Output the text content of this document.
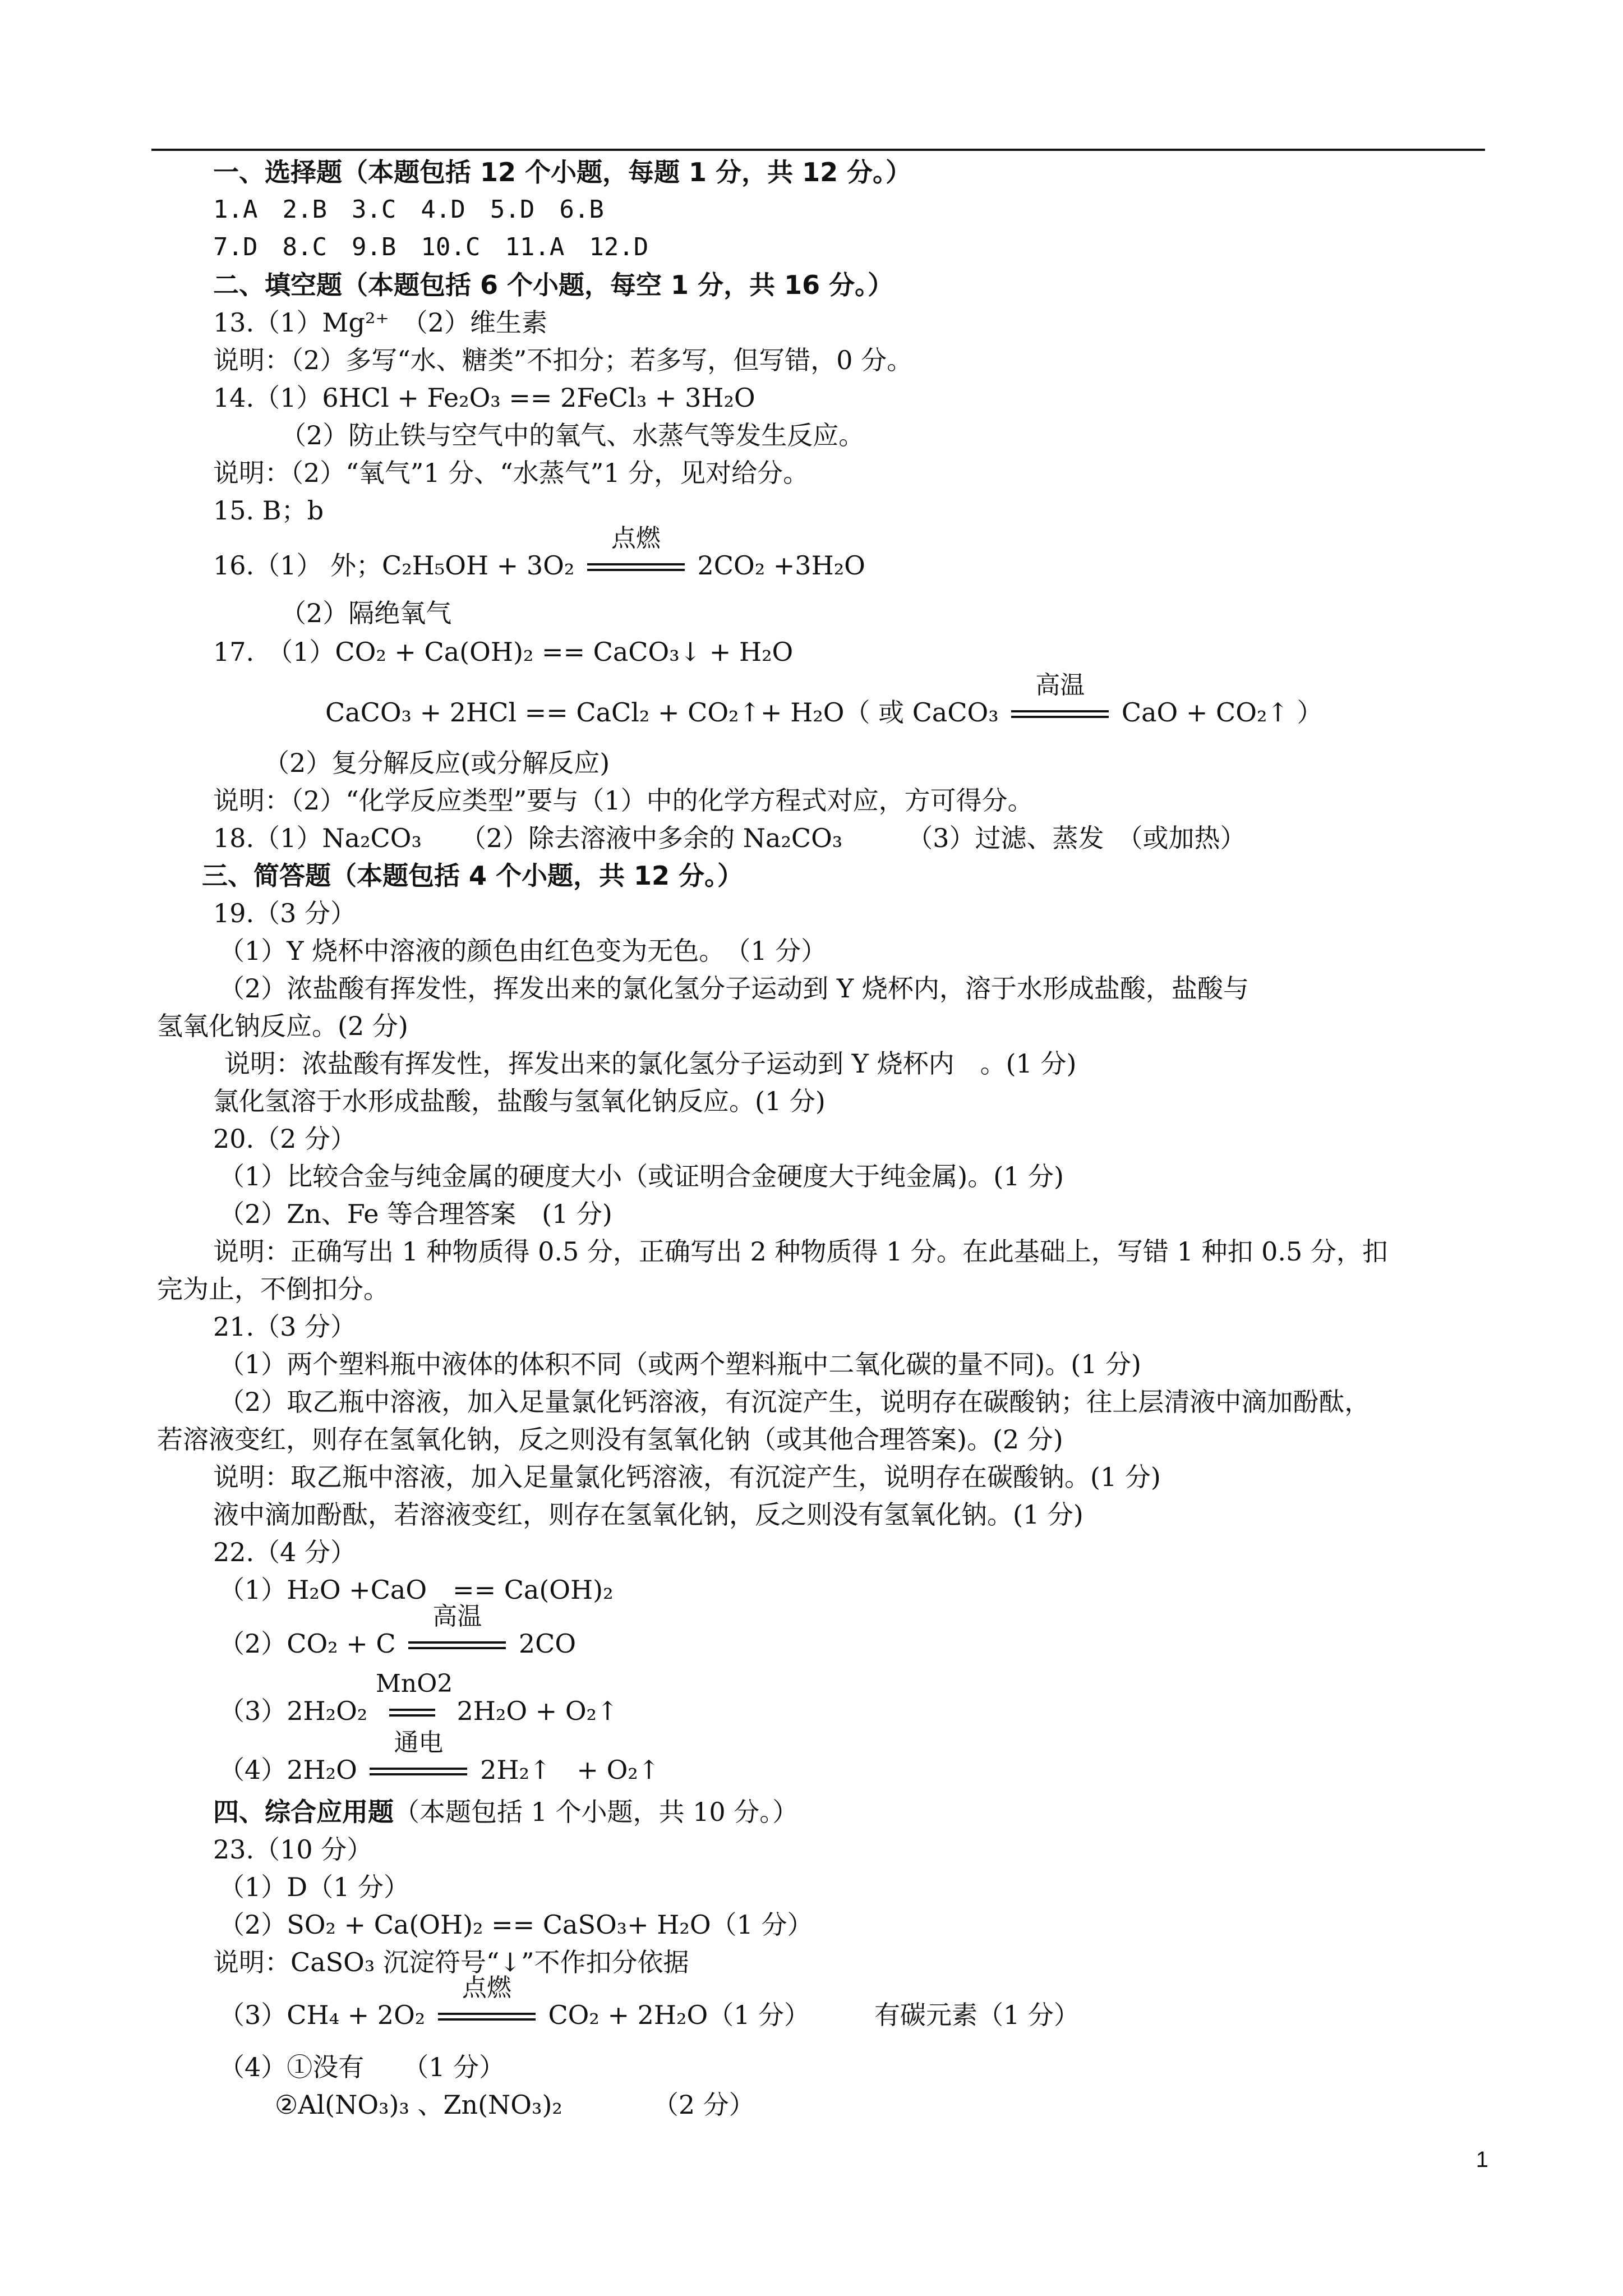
一、选择题（本题包括 12 个小题，每题 1 分，共 12 分。）
1.A　2.B　3.C　4.D　5.D　6.B
7.D　8.C　9.B　10.C　11.A　12.D
二、填空题（本题包括 6 个小题，每空 1 分，共 16 分。）
13.（1）Mg²⁺　（2）维生素
说明：（2）多写“水、糖类”不扣分；若多写，但写错，0 分。
14.（1）6HCl + Fe₂O₃ == 2FeCl₃ + 3H₂O
（2）防止铁与空气中的氧气、水蒸气等发生反应。
说明：（2）“氧气”1 分、“水蒸气”1 分，见对给分。
15. B；b
16.（1） 外；C₂H₅OH + 3O₂
点燃
2CO₂ +3H₂O
（2）隔绝氧气
17.　（1）CO₂ + Ca(OH)₂ == CaCO₃↓ + H₂O
CaCO₃ + 2HCl == CaCl₂ + CO₂↑+ H₂O（ 或 CaCO₃
高温
CaO + CO₂↑ ）
（2）复分解反应(或分解反应)
说明：（2）“化学反应类型”要与（1）中的化学方程式对应，方可得分。
18.（1）Na₂CO₃　　（2）除去溶液中多余的 Na₂CO₃　　　（3）过滤、蒸发　（或加热）
三、简答题（本题包括 4 个小题，共 12 分。）
19.（3 分）
（1）Y 烧杯中溶液的颜色由红色变为无色。　（1 分）
（2）浓盐酸有挥发性，挥发出来的氯化氢分子运动到 Y 烧杯内，溶于水形成盐酸，盐酸与
氢氧化钠反应。(2 分)
说明：浓盐酸有挥发性，挥发出来的氯化氢分子运动到 Y 烧杯内　。(1 分)
氯化氢溶于水形成盐酸，盐酸与氢氧化钠反应。(1 分)
20.（2 分）
（1）比较合金与纯金属的硬度大小（或证明合金硬度大于纯金属)。(1 分)
（2）Zn、Fe 等合理答案　(1 分)
说明：正确写出 1 种物质得 0.5 分，正确写出 2 种物质得 1 分。在此基础上，写错 1 种扣 0.5 分，扣
完为止，不倒扣分。
21.（3 分）
（1）两个塑料瓶中液体的体积不同（或两个塑料瓶中二氧化碳的量不同)。(1 分)
（2）取乙瓶中溶液，加入足量氯化钙溶液，有沉淀产生，说明存在碳酸钠；往上层清液中滴加酚酞，
若溶液变红，则存在氢氧化钠，反之则没有氢氧化钠（或其他合理答案)。(2 分)
说明：取乙瓶中溶液，加入足量氯化钙溶液，有沉淀产生，说明存在碳酸钠。(1 分)
液中滴加酚酞，若溶液变红，则存在氢氧化钠，反之则没有氢氧化钠。(1 分)
22.（4 分）
（1）H₂O +CaO　== Ca(OH)₂
（2）CO₂ + C
高温
2CO
（3）2H₂O₂
MnO2
2H₂O + O₂↑
（4）2H₂O
通电
2H₂↑　+ O₂↑
四、综合应用题（本题包括 1 个小题，共 10 分。）
23.（10 分）
（1）D（1 分）
（2）SO₂ + Ca(OH)₂ == CaSO₃+ H₂O（1 分）
说明：CaSO₃ 沉淀符号“↓”不作扣分依据
（3）CH₄ + 2O₂
点燃
CO₂ + 2H₂O（1 分）　　　有碳元素（1 分）
（4）①没有　　（1 分）
②Al(NO₃)₃ 、Zn(NO₃)₂　　　　（2 分）
1
